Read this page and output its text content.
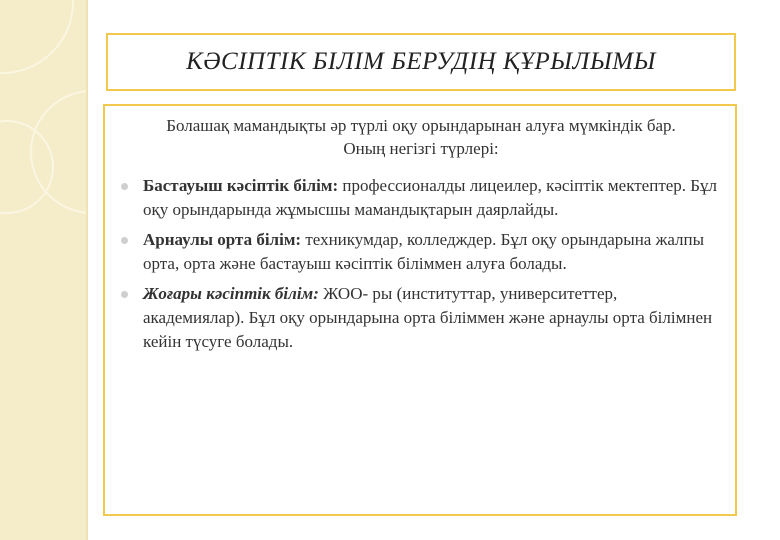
КӘСІПТІК БІЛІМ БЕРУДІҢ ҚҰРЫЛЫМЫ

Болашақ мамандықты әр түрлі оқу орындарынан алуға мүмкіндік бар.
Оның негізгі түрлері:

Бастауыш кәсіптік білім: профессионалды лицеилер, кәсіптік мектептер. Бұл оқу орындарында жұмысшы мамандықтарын даярлайды.
Арнаулы орта білім: техникумдар, колледждер. Бұл оқу орындарына жалпы орта, орта және бастауыш кәсіптік біліммен алуға болады.
Жоғары кәсіптік білім: ЖОО- ры (институттар, университеттер, академиялар). Бұл оқу орындарына орта біліммен және арнаулы орта білімнен кейін түсуге болады.
